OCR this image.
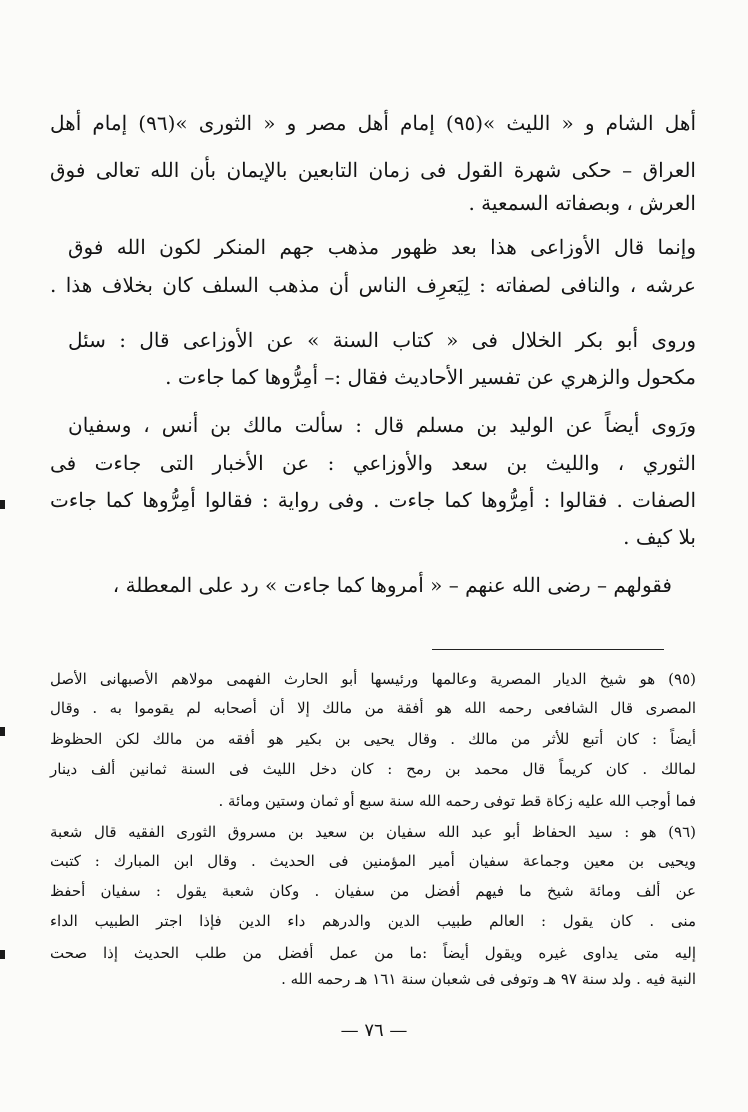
أهل الشام و « الليث »(٩٥) إمام أهل مصر و « الثورى »(٩٦) إمام أهل

العراق – حكى شهرة القول فى زمان التابعين بالإيمان بأن الله تعالى فوق

العرش ، وبصفاته السمعية .

وإنما قال الأوزاعى هذا بعد ظهور مذهب جهم المنكر لكون الله فوق

عرشه ، والنافى لصفاته : لِيَعرِف الناس أن مذهب السلف كان بخلاف هذا .

وروى أبو بكر الخلال فى « كتاب السنة » عن الأوزاعى قال : سئل

مكحول والزهري عن تفسير الأحاديث فقال :– أمِرُّوها كما جاءت .

ورَوى أيضاً عن الوليد بن مسلم قال : سألت مالك بن أنس ، وسفيان

الثوري ، والليث بن سعد والأوزاعي : عن الأخبار التى جاءت فى

الصفات . فقالوا : أمِرُّوها كما جاءت . وفى رواية : فقالوا أمِرُّوها كما جاءت

بلا كيف .

فقولهم – رضى الله عنهم – « أمروها كما جاءت » رد على المعطلة ،

(٩٥) هو شيخ الديار المصرية وعالمها ورئيسها أبو الحارث الفهمى مولاهم الأصبهانى الأصل

المصرى قال الشافعى رحمه الله هو أفقة من مالك إلا أن أصحابه لم يقوموا به . وقال

أيضاً : كان أتبع للأثر من مالك . وقال يحيى بن بكير هو أفقه من مالك لكن الحظوظ

لمالك . كان كريماً قال محمد بن رمح : كان دخل الليث فى السنة ثمانين ألف دينار

فما أوجب الله عليه زكاة قط توفى رحمه الله سنة سبع أو ثمان وستين ومائة .

(٩٦) هو : سيد الحفاظ أبو عبد الله سفيان بن سعيد بن مسروق الثورى الفقيه قال شعبة

ويحيى بن معين وجماعة سفيان أمير المؤمنين فى الحديث . وقال ابن المبارك : كتبت

عن ألف ومائة شيخ ما فيهم أفضل من سفيان . وكان شعبة يقول : سفيان أحفظ

منى . كان يقول : العالم طبيب الدين والدرهم داء الدين فإذا اجتر الطبيب الداء

إليه متى يداوى غيره ويقول أيضاً :ما من عمل أفضل من طلب الحديث إذا صحت

النية فيه . ولد سنة ٩٧ هـ وتوفى فى شعبان سنة ١٦١ هـ رحمه الله .

— ٧٦ —
